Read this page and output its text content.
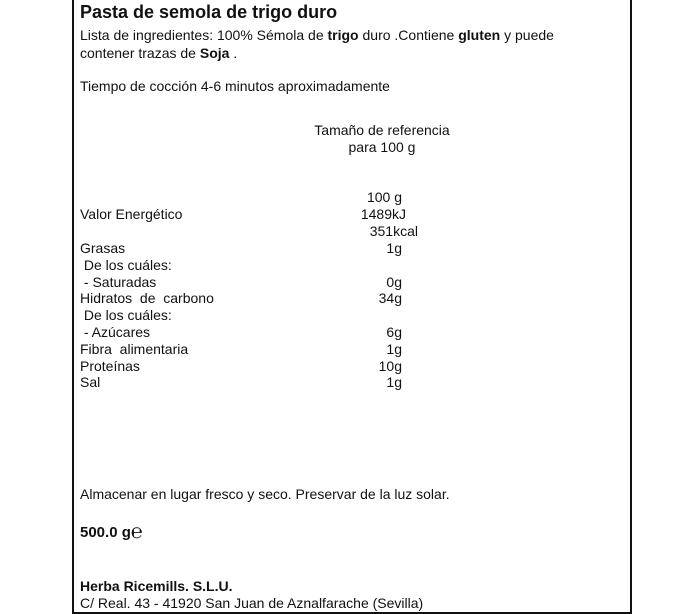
Pasta de semola de trigo duro
Lista de ingredientes: 100% Sémola de trigo duro .Contiene gluten y puede
contener trazas de Soja .
Tiempo de cocción 4-6 minutos aproximadamente
Tamaño de referencia
para 100 g
100 g
Valor Energético	1489kJ
351kcal
Grasas	1g
De los cuáles:
- Saturadas	0g
Hidratos  de  carbono	34g
De los cuáles:
- Azúcares	6g
Fibra  alimentaria	1g
Proteínas	10g
Sal	1g
Almacenar en lugar fresco y seco. Preservar de la luz solar.
500.0 g℮
Herba Ricemills. S.L.U.
C/ Real. 43 - 41920 San Juan de Aznalfarache (Sevilla)
